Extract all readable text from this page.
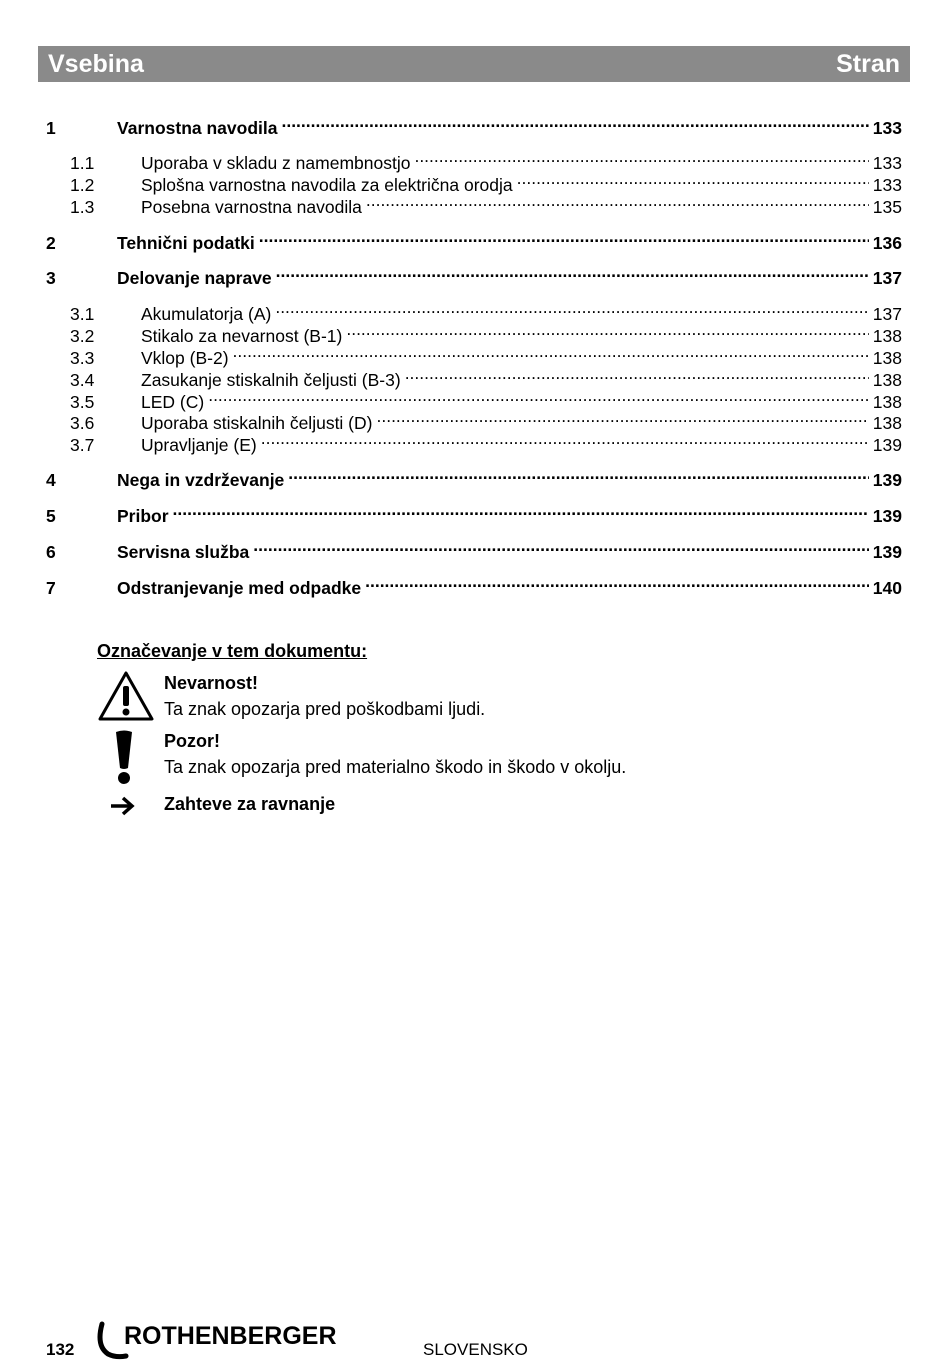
Vsebina	Stran
1	Varnostna navodila .....	133
1.1	Uporaba v skladu z namembnostjo .....	133
1.2	Splošna varnostna navodila za električna orodja .....	133
1.3	Posebna varnostna navodila .....	135
2	Tehnični podatki .....	136
3	Delovanje naprave .....	137
3.1	Akumulatorja (A) .....	137
3.2	Stikalo za nevarnost (B-1) .....	138
3.3	Vklop (B-2) .....	138
3.4	Zasukanje stiskalnih čeljusti (B-3) .....	138
3.5	LED (C) .....	138
3.6	Uporaba stiskalnih čeljusti (D) .....	138
3.7	Upravljanje (E) .....	139
4	Nega in vzdrževanje .....	139
5	Pribor .....	139
6	Servisna služba .....	139
7	Odstranjevanje med odpadke .....	140
Označevanje v tem dokumentu:
Nevarnost!
Ta znak opozarja pred poškodbami ljudi.
Pozor!
Ta znak opozarja pred materialno škodo in škodo v okolju.
Zahteve za ravnanje
132 ROTHENBERGER	SLOVENSKO
